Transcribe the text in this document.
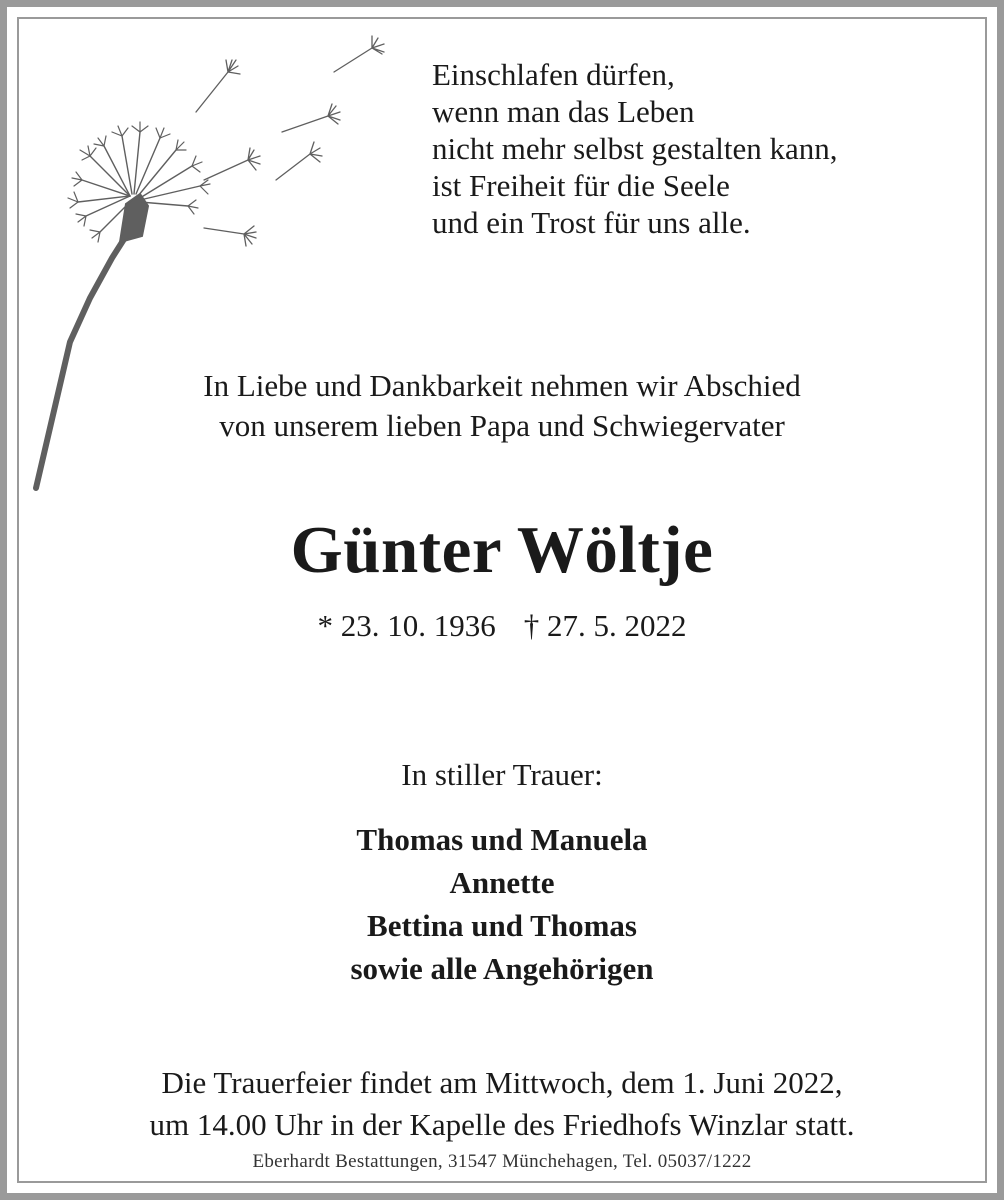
Einschlafen dürfen,
wenn man das Leben
nicht mehr selbst gestalten kann,
ist Freiheit für die Seele
und ein Trost für uns alle.
In Liebe und Dankbarkeit nehmen wir Abschied
von unserem lieben Papa und Schwiegervater
Günter Wöltje
* 23. 10. 1936 † 27. 5. 2022
In stiller Trauer:
Thomas und Manuela
Annette
Bettina und Thomas
sowie alle Angehörigen
Die Trauerfeier findet am Mittwoch, dem 1. Juni 2022,
um 14.00 Uhr in der Kapelle des Friedhofs Winzlar statt.
Eberhardt Bestattungen, 31547 Münchehagen, Tel. 05037/1222
